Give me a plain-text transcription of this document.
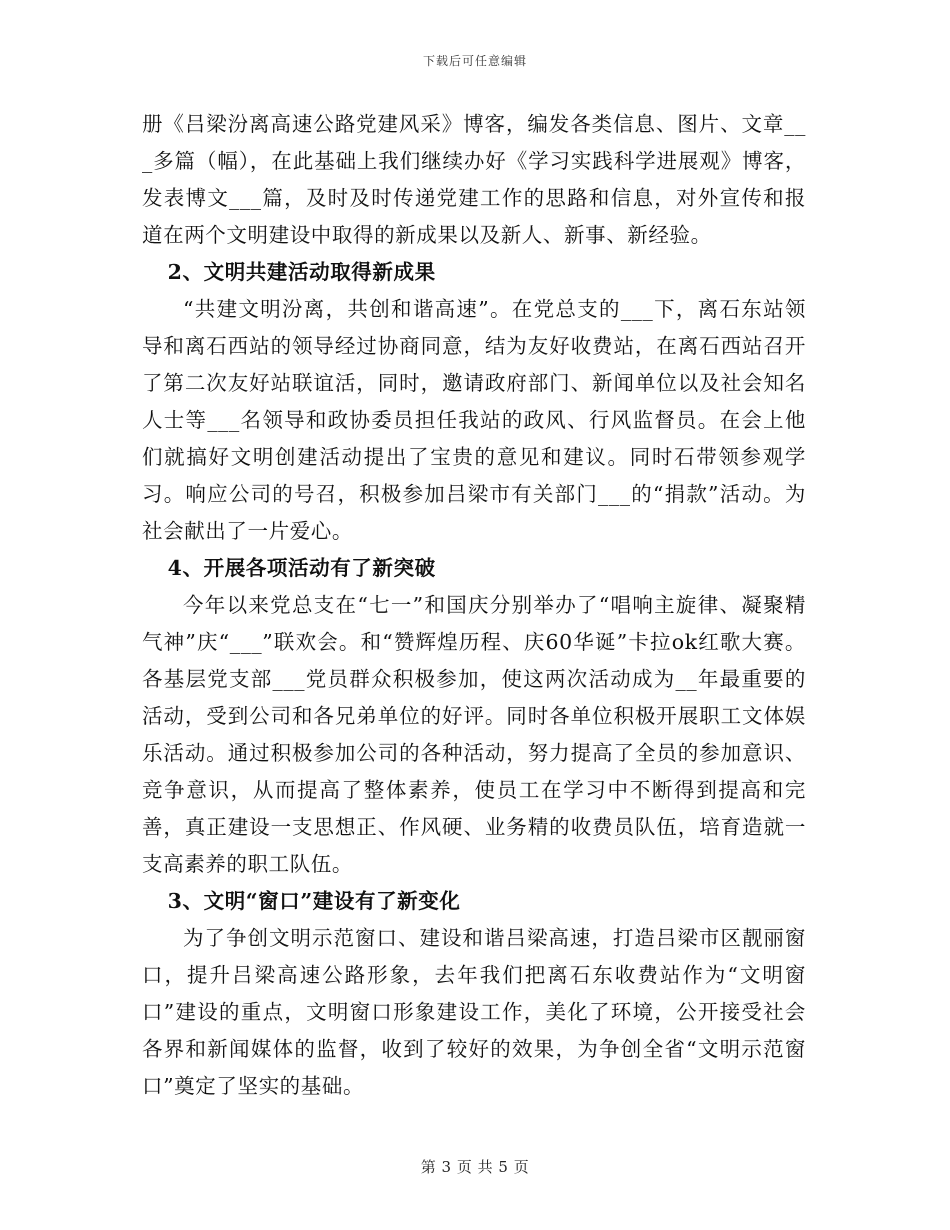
下载后可任意编辑

册《吕梁汾离高速公路党建风采》博客，编发各类信息、图片、文章___多篇（幅），在此基础上我们继续办好《学习实践科学进展观》博客，发表博文___篇，及时及时传递党建工作的思路和信息，对外宣传和报道在两个文明建设中取得的新成果以及新人、新事、新经验。

2、文明共建活动取得新成果

“共建文明汾离，共创和谐高速”。在党总支的___下，离石东站领导和离石西站的领导经过协商同意，结为友好收费站，在离石西站召开了第二次友好站联谊活，同时，邀请政府部门、新闻单位以及社会知名人士等___名领导和政协委员担任我站的政风、行风监督员。在会上他们就搞好文明创建活动提出了宝贵的意见和建议。同时石带领参观学习。响应公司的号召，积极参加吕梁市有关部门___的“捐款”活动。为社会献出了一片爱心。

4、开展各项活动有了新突破

今年以来党总支在“七一”和国庆分别举办了“唱响主旋律、凝聚精气神”庆“___”联欢会。和“赞辉煌历程、庆60华诞”卡拉ok红歌大赛。各基层党支部___党员群众积极参加，使这两次活动成为__年最重要的活动，受到公司和各兄弟单位的好评。同时各单位积极开展职工文体娱乐活动。通过积极参加公司的各种活动，努力提高了全员的参加意识、竞争意识，从而提高了整体素养，使员工在学习中不断得到提高和完善，真正建设一支思想正、作风硬、业务精的收费员队伍，培育造就一支高素养的职工队伍。

3、文明“窗口”建设有了新变化

为了争创文明示范窗口、建设和谐吕梁高速，打造吕梁市区靓丽窗口，提升吕梁高速公路形象，去年我们把离石东收费站作为“文明窗口”建设的重点，文明窗口形象建设工作，美化了环境，公开接受社会各界和新闻媒体的监督，收到了较好的效果，为争创全省“文明示范窗口”奠定了坚实的基础。

第 3 页 共 5 页
